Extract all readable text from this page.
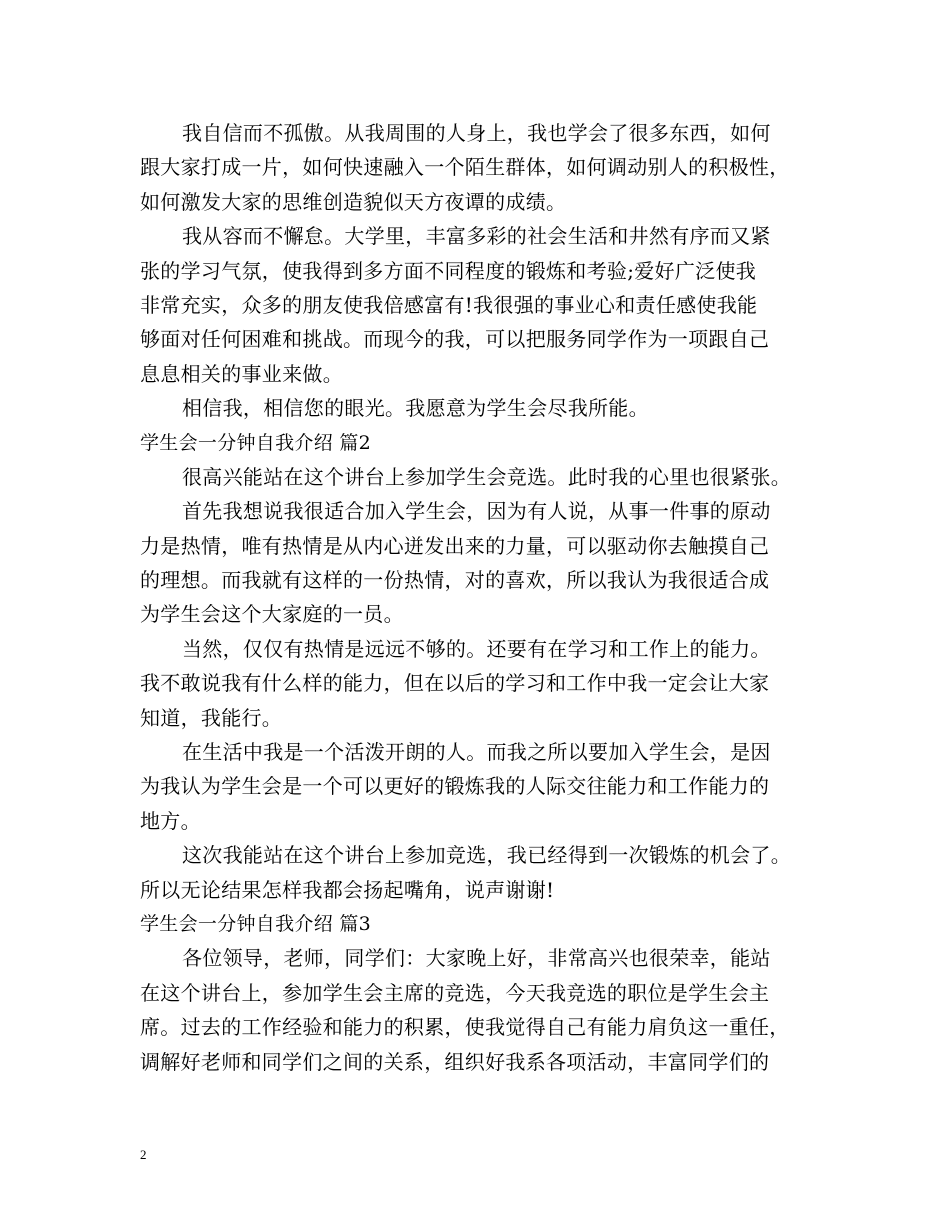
我自信而不孤傲。从我周围的人身上，我也学会了很多东西，如何
跟大家打成一片，如何快速融入一个陌生群体，如何调动别人的积极性，
如何激发大家的思维创造貌似天方夜谭的成绩。
我从容而不懈怠。大学里，丰富多彩的社会生活和井然有序而又紧
张的学习气氛，使我得到多方面不同程度的锻炼和考验;爱好广泛使我
非常充实，众多的朋友使我倍感富有!我很强的事业心和责任感使我能
够面对任何困难和挑战。而现今的我，可以把服务同学作为一项跟自己
息息相关的事业来做。
相信我，相信您的眼光。我愿意为学生会尽我所能。
学生会一分钟自我介绍 篇2
很高兴能站在这个讲台上参加学生会竞选。此时我的心里也很紧张。
首先我想说我很适合加入学生会，因为有人说，从事一件事的原动
力是热情，唯有热情是从内心迸发出来的力量，可以驱动你去触摸自己
的理想。而我就有这样的一份热情，对的喜欢，所以我认为我很适合成
为学生会这个大家庭的一员。
当然，仅仅有热情是远远不够的。还要有在学习和工作上的能力。
我不敢说我有什么样的能力，但在以后的学习和工作中我一定会让大家
知道，我能行。
在生活中我是一个活泼开朗的人。而我之所以要加入学生会，是因
为我认为学生会是一个可以更好的锻炼我的人际交往能力和工作能力的
地方。
这次我能站在这个讲台上参加竞选，我已经得到一次锻炼的机会了。
所以无论结果怎样我都会扬起嘴角，说声谢谢!
学生会一分钟自我介绍 篇3
各位领导，老师，同学们：大家晚上好，非常高兴也很荣幸，能站
在这个讲台上，参加学生会主席的竞选，今天我竞选的职位是学生会主
席。过去的工作经验和能力的积累，使我觉得自己有能力肩负这一重任，
调解好老师和同学们之间的关系，组织好我系各项活动，丰富同学们的
2
